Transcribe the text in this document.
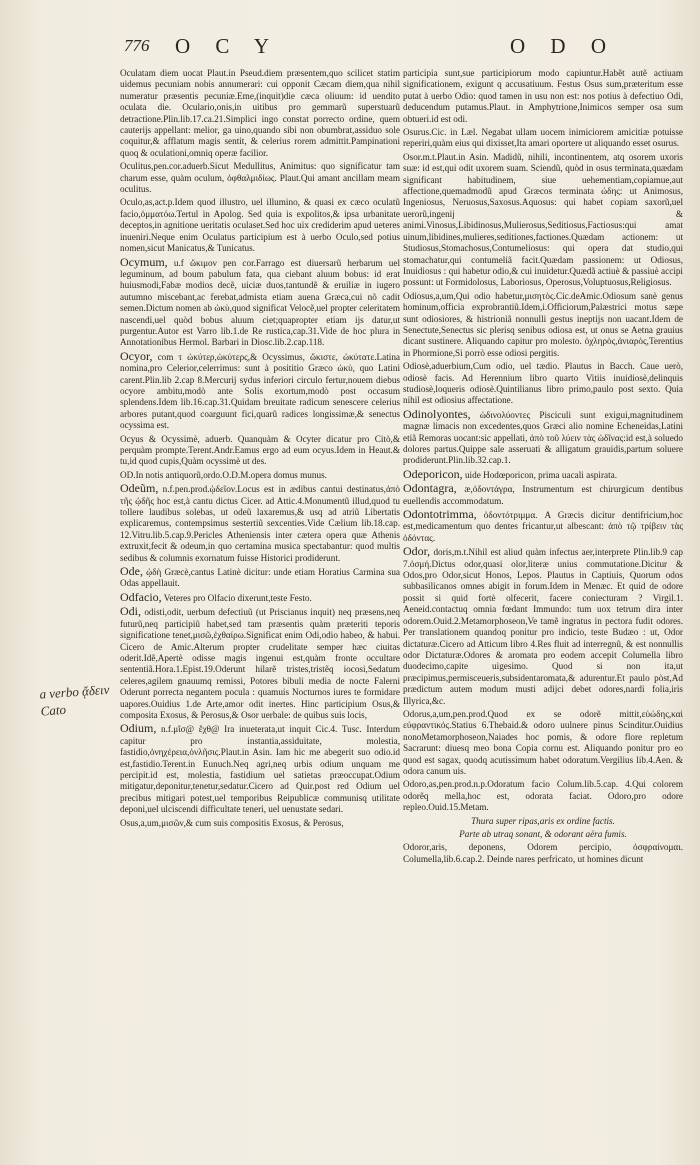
776 O C Y	O D O
a verbo ᾄδειν Cato

Oculatam diem uocat Plaut.in Pseud.diem præsentem,quo scilicet statim uidemus pecuniam nobis annumerari: cui opponit Cæcam diem,qua nihil numeratur præsentis pecuniæ.Eme,(inquit)die cæca oliuum: id uendito oculata die. Oculario,onis,in uitibus pro gemmarũ superstuarũ detractione.Plin.lib.17.ca.21.Simplici ingo constat porrecto ordine, quem cauterijs appellant: melior, ga uino,quando sibi non obumbrat,assiduo sole coquitur,& afflatum magis sentit, & celerius rorem admittit.Pampinationi quoq & oculationi,omniq operæ facilior.

Oculitus,pen.cor.aduerb.Sicut Medullitus, Animitus: quo significatur tam charum esse, quàm oculum, ὀφθαλμιδίως. Plaut.Qui amant ancillam meam oculitus.

Oculo,as,act.p.Idem quod illustro, uel illumino, & quasi ex cæco oculatũ facio,ὀμματόω.Tertul in Apolog. Sed quia is expolitos,& ipsa urbanitate deceptos,in agnitione ueritatis oculaset.Sed hoc uix crediderim apud ueteres inueniri.Neque enim Oculatus participium est à uerbo Oculo,sed potius nomen,sicut Manicatus,& Tunicatus.

Ocymum, u.f ὤκιμον pen cor.Farrago est diuersarũ herbarum uel leguminum, ad boum pabulum fata, qua ciebant aluum bobus: id erat huiusmodi,Fabæ modios decẽ, uiciæ duos,tantundẽ & eruiliæ in iugero autumno miscebant,ac ferebat,admista etiam auena Græca,cui nõ cadit semen.Dictum nomen ab ὠκὺ,quod significat Velocẽ,uel propter celeritatem nascendi,uel quòd bobus aluum ciet;quapropter etiam ijs datur,ut purgentur.Autor est Varro lib.1.de Re rustica,cap.31.Vide de hoc plura in Annotationibus Hermol. Barbari in Diosc.lib.2.cap.118.

Ocyor, com τ ὠκύτερ,ὠκύτερς,& Ocyssimus, ὤκιστε, ὠκύτατε.Latina nomina,pro Celerior,celerrimus: sunt à posititio Græco ὠκὺ, quo Latini carent.Plin.lib 2.cap 8.Mercurij sydus inferiori circulo fertur,nouem diebus ocyore ambitu,modò ante Solis exortum,modò post occasum splendens.Idem lib.16.cap.31.Quidam breuitate radicum senescere celerius arbores putant,quod coarguunt fici,quarũ radices longissimæ,& senectus ocyssima est.

Ocyus & Ocyssimè, aduerb. Quanquàm & Ocyter dicatur pro Citò,& perquàm prompte.Terent.Andr.Eamus ergo ad eum ocyus.Idem in Heaut.& tu,id quod cupis,Quàm ocyssimè ut des.

OD.In notis antiquorũ,ordo.O.D.M.opera domus munus.

Odeũm, n.f.pen.prod.ᾠδεῖον.Locus est in ædibus cantui destinatus,ἀπὸ τῆς ᾠδῆς hoc est,à cantu dictus Cicer. ad Attic.4.Monumentũ illud,quod tu tollere laudibus solebas, ut odeũ laxaremus,& usq ad atriũ Libertatis explicaremus, contempsimus sestertiũ sexcenties.Vide Cælium lib.18.cap. 12.Vitru.lib.5.cap.9.Pericles Atheniensis inter cætera opera quæ Athenis extruxit,fecit & odeum,in quo certamina musica spectabantur: quod multis sedibus & columnis exornatum fuisse Historici prodiderunt.

Ode, ᾠδὴ Græcè,cantus Latinè dicitur: unde etiam Horatius Carmina sua Odas appellauit.

Odfacio, Veteres pro Olfacio dixerunt,teste Festo.

Odi, odisti,odit, uerbum defectiuũ (ut Priscianus inquit) neq præsens,neq futurũ,neq participiũ habet,sed tam præsentis quàm præteriti teporis significatione tenet,μισῶ,ἐχθαίρω.Significat enim Odi,odio habeo, & habui. Cicero de Amic.Alterum propter crudelitate semper hæc ciuitas oderit.Idẽ,Apertè odisse magis ingenui est,quàm fronte occultare sententiã.Hora.1.Epist.19.Oderunt hilarẽ tristes,tristẽq iocosi,Sedatum celeres,agilem gnauumq remissi, Potores bibuli media de nocte Falerni Oderunt porrecta negantem pocula : quamuis Nocturnos iures te formidare uapores.Ouidius 1.de Arte,amor odit inertes. Hinc participium Osus,& composita Exosus, & Perosus,& Osor uerbale: de quibus suis locis,

Odium, n.f.μῖσ@ ἔχθ@ Ira inueterata,ut inquit Cic.4. Tusc. Interdum capitur pro instantia,assiduitate, molestia, fastidio,ὀνηχέρεια,ὀνλῆσις.Plaut.in Asin. Iam hic me abegerit suo odio.id est,fastidio.Terent.in Eunuch.Neq agri,neq urbis odium unquam me percipit.id est, molestia, fastidium uel satietas præoccupat.Odium mitigatur,deponitur,tenetur,sedatur.Cicero ad Quir.post red Odium uel precibus mitigari potest,uel temporibus Reipublicæ communisq utilitate deponi,uel ulciscendi difficultate teneri, uel uenustate sedari.

Osus,a,um,μισῶν,& cum suis compositis Exosus, & Perosus,

participia sunt,sue participiorum modo capiuntur.Habẽt autẽ actiuam significationem, exigunt q accusatiuum. Festus Osus sum,præteritum esse putat à uerbo Odio: quod tamen in usu non est: nos potius à defectiuo Odi, deducendum putamus.Plaut. in Amphytrione,Inimicos semper osa sum obtueri.id est odi.

Osurus.Cic. in Læl. Negabat ullam uocem inimiciorem amicitiæ potuisse reperiri,quàm eius qui dixisset,Ita amari oportere ut aliquando esset osurus.

Osor.m.t.Plaut.in Asin. Madidũ, nihili, incontinentem, atq osorem uxoris suæ: id est,qui odit uxorem suam. Sciendũ, quòd in osus terminata,quædam significant habitudinem, siue uehementiam,copiamue,aut affectione,quemadmodũ apud Græcos terminata ώδης: ut Animosus, Ingeniosus, Neruosus,Saxosus.Aquosus: qui habet copiam saxorũ,uel uerorũ,ingenij & animi.Vinosus,Libidinosus,Mulierosus,Seditiosus,Factiosus:qui amat uinum,libidines,mulieres,seditiones,factiones.Quædam actionem: ut Studiosus,Stomachosus,Contumeliosus: qui opera dat studio,qui stomachatur,qui contumeliã facit.Quædam passionem: ut Odiosus, Inuidiosus : qui habetur odio,& cui inuidetur.Quædã actiuè & passiuè accipi possunt: ut Formidolosus, Laboriosus, Operosus,Voluptuosus,Religiosus.

Odiosus,a,um,Qui odio habetur,μισητὸς.Cic.deAmic.Odiosum sanè genus hominum,officia exprobrantiũ.Idem,i.Officiorum,Palæstrici motus sæpe sunt odiosiores, & histrioniã nonnulli gestus ineptijs non uacant.Idem de Senectute,Senectus sic plerisq senibus odiosa est, ut onus se Aetna grauius dicant sustinere. Aliquando capitur pro molesto. ὀχληρὸς,ἀνιαρὸς,Terentius in Phormione,Si porrò esse odiosi pergitis.

Odiosè,aduerbium,Cum odio, uel tædio. Plautus in Bacch. Caue uerò, odiosè facis. Ad Herennium libro quarto Vitiis inuidiosè,delinquis studiosè,loqueris odiosè.Quintilianus libro primo,paulo post sexto. Quia nihil est odiosius affectatione.

Odinolyontes, ὠδινολύοντες Pisciculi sunt exigui,magnitudinem magnæ limacis non excedentes,quos Græci alio nomine Echeneidas,Latini etiã Remoras uocant:sic appellati, ἀπὸ τοῦ λύειν τὰς ὠδῖνας:id est,à soluedo dolores partus.Quippe sale asseruati & alligatum grauidis,partum soluere prodiderunt.Plin.lib.32.cap.1.

Odeporicon, uide Hodœporicon, prima uacali aspirata.

Odontagra, æ,ὀδοντάγρα, Instrumentum est chirurgicum dentibus euellendis accommodatum.

Odontotrimma, ὀδοντότριμμα. A Græcis dicitur dentifricium,hoc est,medicamentum quo dentes fricantur,ut albescant: ἀπὸ τῷ τρίβειν τὰς ὀδόντας.

Odor, doris,m.t.Nihil est aliud quàm infectus aer,interprete Plin.lib.9 cap 7.ὀσμή.Dictus odor,quasi olor,literæ unius commutatione.Dicitur & Odos,pro Odor,sicut Honos, Lepos. Plautus in Captiuis, Quorum odos subbasilicanos omnes abigit in forum.Idem in Menæc. Et quid de odore possit si quid fortè olfecerit, facere coniecturam ? Virgil.1. Aeneid.contactuq omnia fœdant Immundo: tum uox tetrum dira inter odorem.Ouid.2.Metamorphoseon,Ve tamẽ ingratus in pectora fudit odores. Per translationem quandoq ponitur pro indicio, teste Budæo : ut, Odor dictaturæ.Cicero ad Atticum libro 4.Res fluit ad interregnũ, & est nonnullis odor Dictaturæ.Odores & aromata pro eodem accepit Columella libro duodecimo,capite uigesimo. Quod si non ita,ut præcipimus,permisceueris,subsidentaromata,& adurentur.Et paulo pòst,Ad prædictum autem modum musti adijci debet odores,nardi folia,iris Illyrica,&c.

Odorus,a,um,pen.prod.Quod ex se odorẽ mittit,εὐώδης,καὶ εὐφραντικός.Statius 6.Thebaid.& odoro uulnere pinus Scinditur.Ouidius nonoMetamorphoseon,Naiades hoc pomis, & odore flore repletum Sacrarunt: diuesq meo bona Copia cornu est. Aliquando ponitur pro eo quod est sagax, quodq acutissimum habet odoratum.Vergilius lib.4.Aen. & odora canum uis.

Odoro,as,pen.prod.n.p.Odoratum facio Colum.lib.5.cap. 4.Qui colorem odorẽq mella,hoc est, odorata faciat. Odoro,pro odore repleo.Ouid.15.Metam.

Thura super ripas,aris ex ordine factis.

Parte ab utraq sonant, & odorant aëra fumis.

Odoror,aris, deponens, Odorem percipio, ὀσφραίνομαι. Columella,lib.6.cap.2. Deinde nares perfricato, ut homines dicunt
